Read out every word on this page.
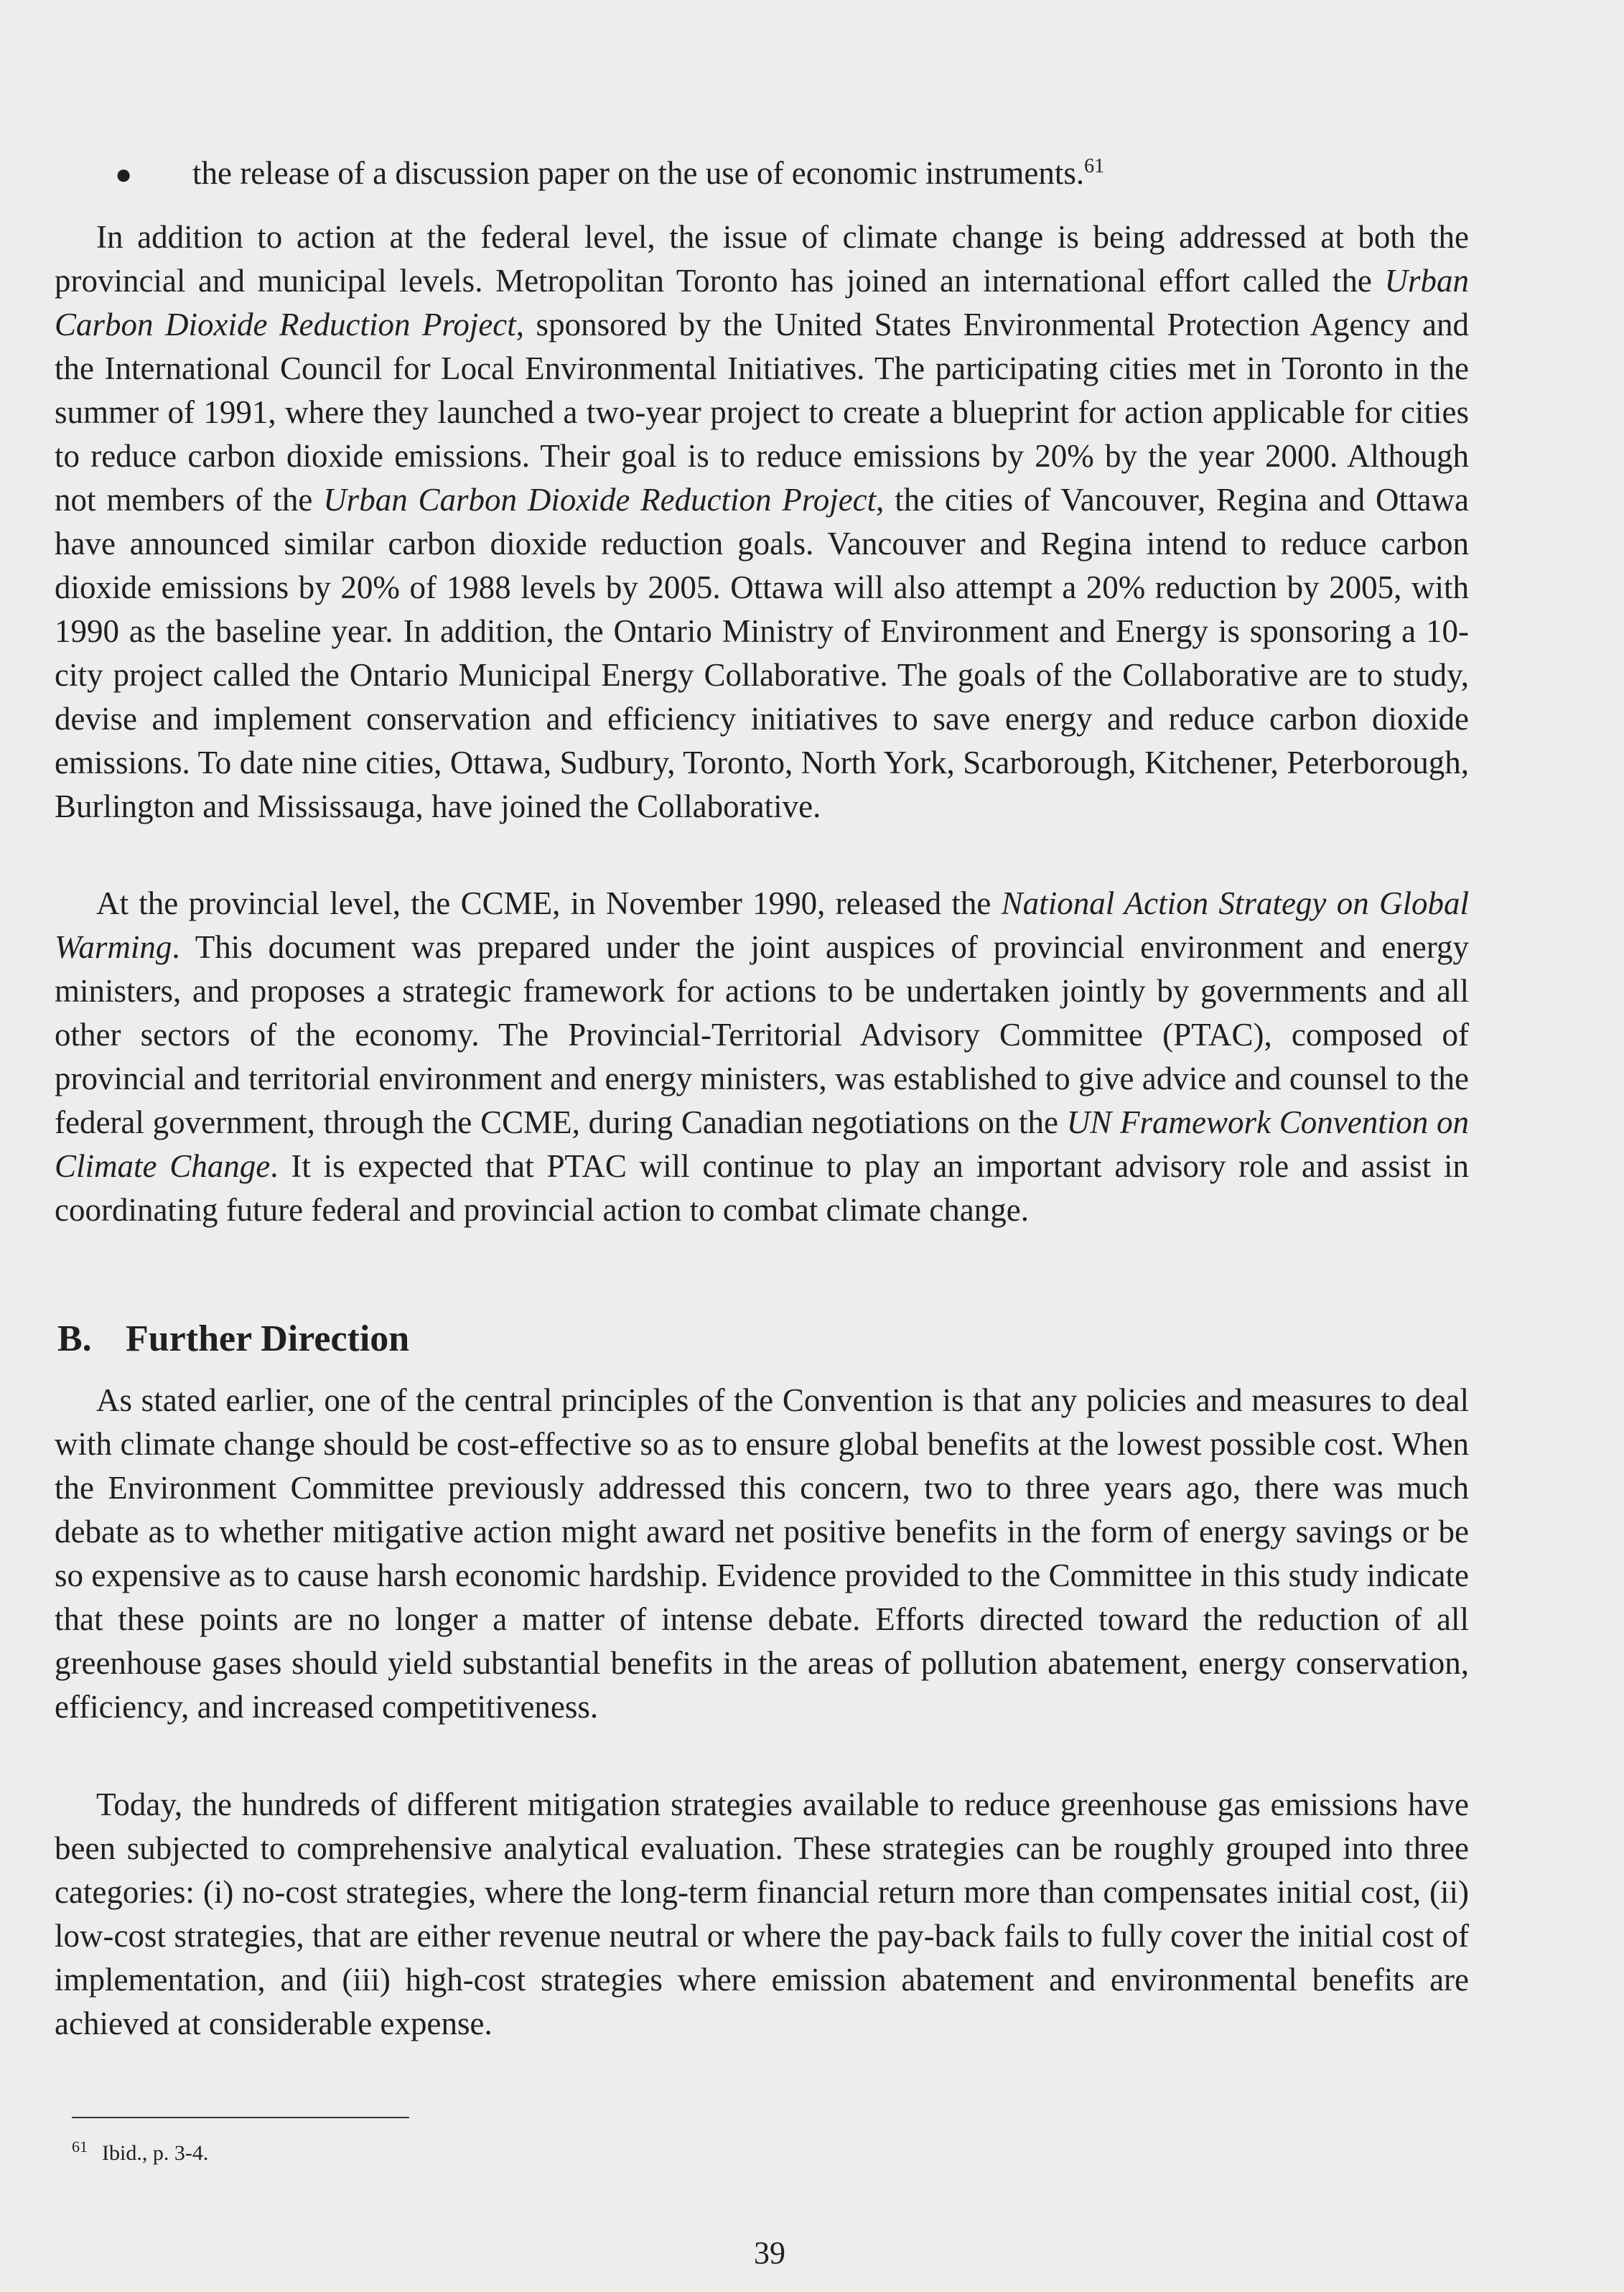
● the release of a discussion paper on the use of economic instruments.$^{61}$

In addition to action at the federal level, the issue of climate change is being addressed at both the provincial and municipal levels. Metropolitan Toronto has joined an international effort called the Urban Carbon Dioxide Reduction Project, sponsored by the United States Environmental Protection Agency and the International Council for Local Environmental Initiatives. The participating cities met in Toronto in the summer of 1991, where they launched a two-year project to create a blueprint for action applicable for cities to reduce carbon dioxide emissions. Their goal is to reduce emissions by 20% by the year 2000. Although not members of the Urban Carbon Dioxide Reduction Project, the cities of Vancouver, Regina and Ottawa have announced similar carbon dioxide reduction goals. Vancouver and Regina intend to reduce carbon dioxide emissions by 20% of 1988 levels by 2005. Ottawa will also attempt a 20% reduction by 2005, with 1990 as the baseline year. In addition, the Ontario Ministry of Environment and Energy is sponsoring a 10-city project called the Ontario Municipal Energy Collaborative. The goals of the Collaborative are to study, devise and implement conservation and efficiency initiatives to save energy and reduce carbon dioxide emissions. To date nine cities, Ottawa, Sudbury, Toronto, North York, Scarborough, Kitchener, Peterborough, Burlington and Mississauga, have joined the Collaborative.

At the provincial level, the CCME, in November 1990, released the National Action Strategy on Global Warming. This document was prepared under the joint auspices of provincial environment and energy ministers, and proposes a strategic framework for actions to be undertaken jointly by governments and all other sectors of the economy. The Provincial-Territorial Advisory Committee (PTAC), composed of provincial and territorial environment and energy ministers, was established to give advice and counsel to the federal government, through the CCME, during Canadian negotiations on the UN Framework Convention on Climate Change. It is expected that PTAC will continue to play an important advisory role and assist in coordinating future federal and provincial action to combat climate change.

B. Further Direction

As stated earlier, one of the central principles of the Convention is that any policies and measures to deal with climate change should be cost-effective so as to ensure global benefits at the lowest possible cost. When the Environment Committee previously addressed this concern, two to three years ago, there was much debate as to whether mitigative action might award net positive benefits in the form of energy savings or be so expensive as to cause harsh economic hardship. Evidence provided to the Committee in this study indicate that these points are no longer a matter of intense debate. Efforts directed toward the reduction of all greenhouse gases should yield substantial benefits in the areas of pollution abatement, energy conservation, efficiency, and increased competitiveness.

Today, the hundreds of different mitigation strategies available to reduce greenhouse gas emissions have been subjected to comprehensive analytical evaluation. These strategies can be roughly grouped into three categories: (i) no-cost strategies, where the long-term financial return more than compensates initial cost, (ii) low-cost strategies, that are either revenue neutral or where the pay-back fails to fully cover the initial cost of implementation, and (iii) high-cost strategies where emission abatement and environmental benefits are achieved at considerable expense.

$^{61}$ Ibid., p. 3-4.
39
